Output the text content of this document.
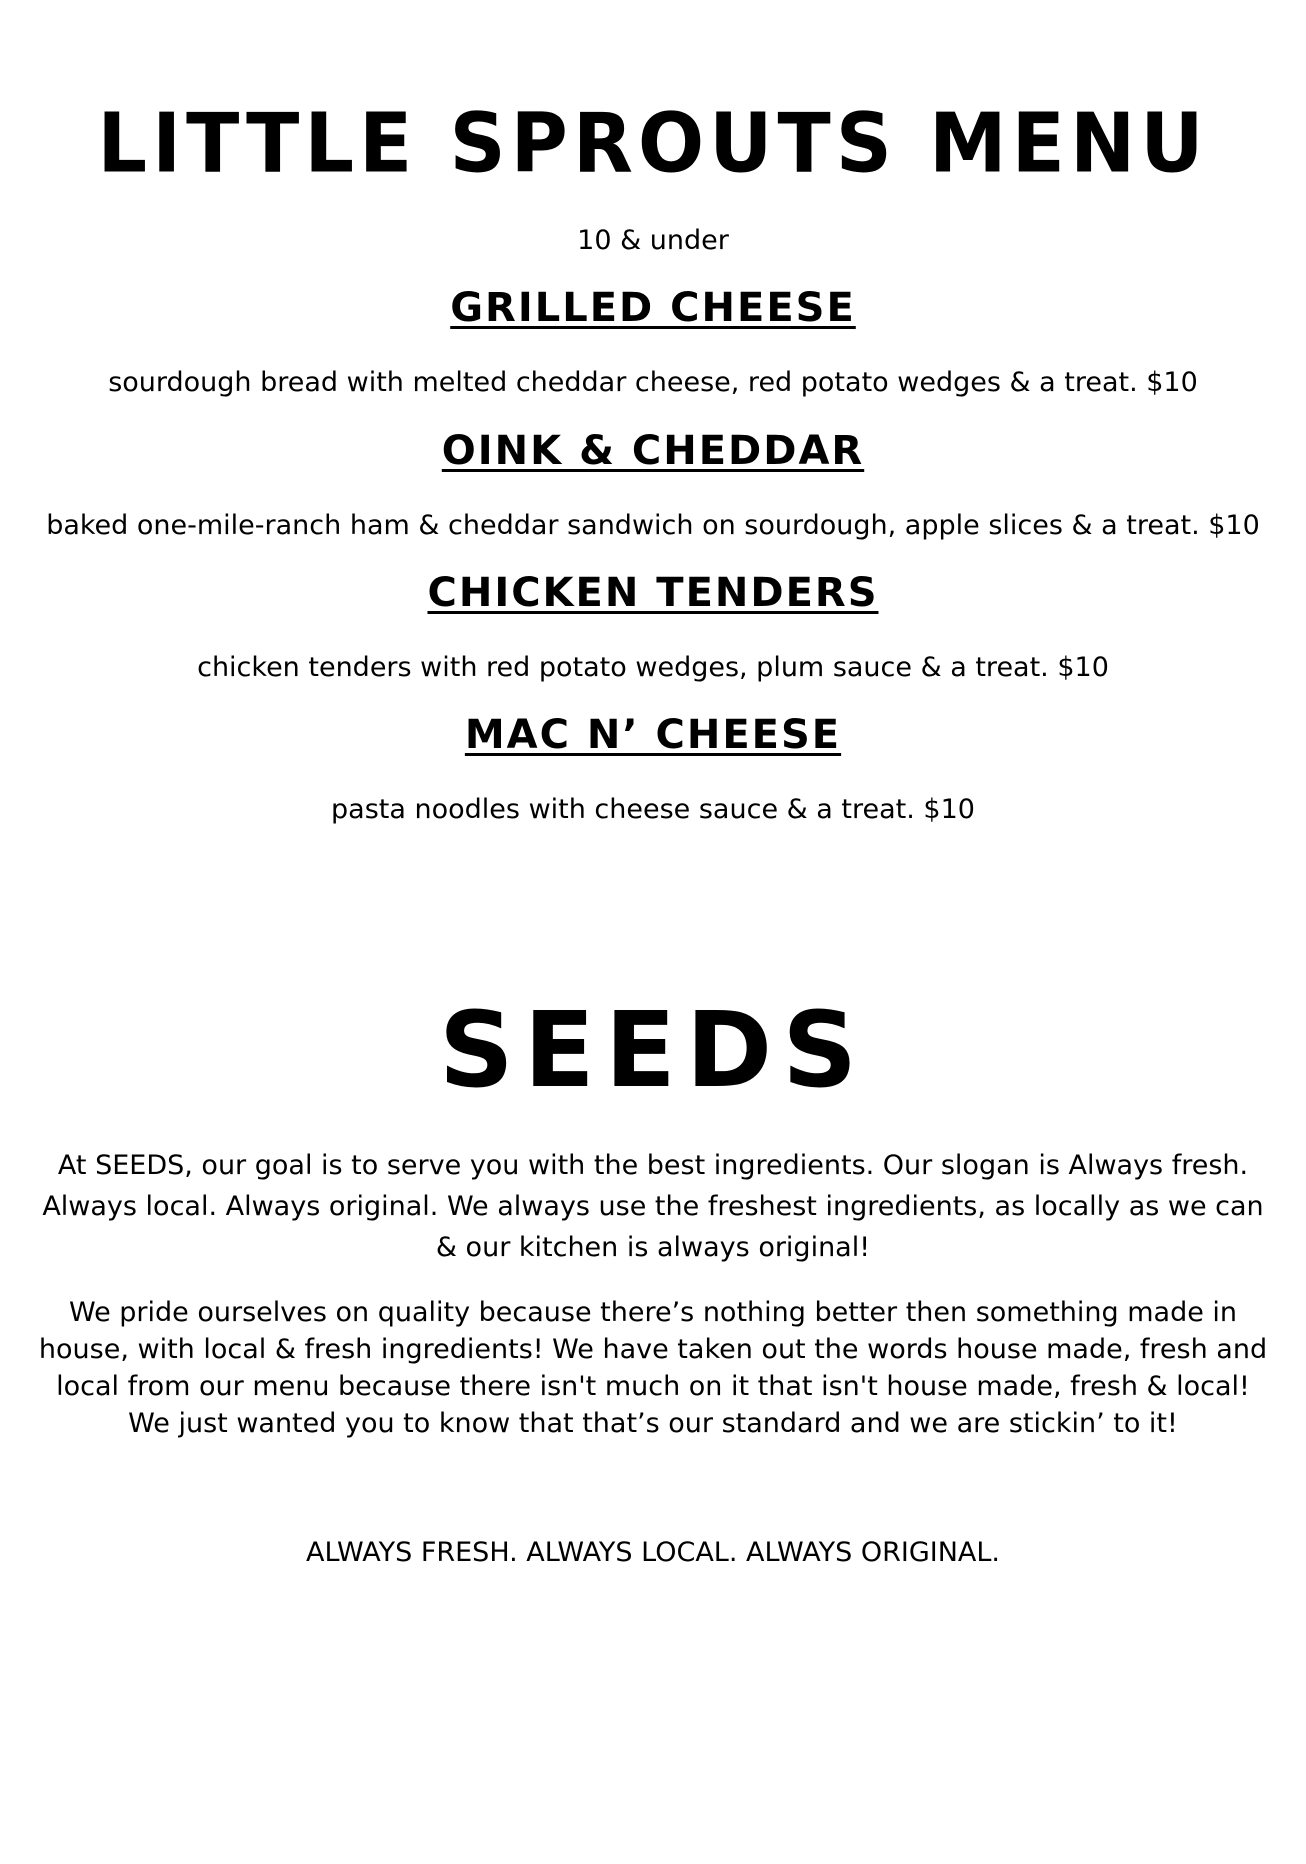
LITTLE SPROUTS MENU

10 & under

GRILLED CHEESE

sourdough bread with melted cheddar cheese, red potato wedges & a treat. $10

OINK & CHEDDAR

baked one-mile-ranch ham & cheddar sandwich on sourdough, apple slices & a treat. $10

CHICKEN TENDERS

chicken tenders with red potato wedges, plum sauce & a treat. $10

MAC N’ CHEESE

pasta noodles with cheese sauce & a treat. $10

SEEDS

At SEEDS, our goal is to serve you with the best ingredients. Our slogan is Always fresh. Always local. Always original. We always use the freshest ingredients, as locally as we can & our kitchen is always original!

We pride ourselves on quality because there’s nothing better then something made in house, with local & fresh ingredients! We have taken out the words house made, fresh and local from our menu because there isn't much on it that isn't house made, fresh & local! We just wanted you to know that that’s our standard and we are stickin’ to it!

ALWAYS FRESH. ALWAYS LOCAL. ALWAYS ORIGINAL.
